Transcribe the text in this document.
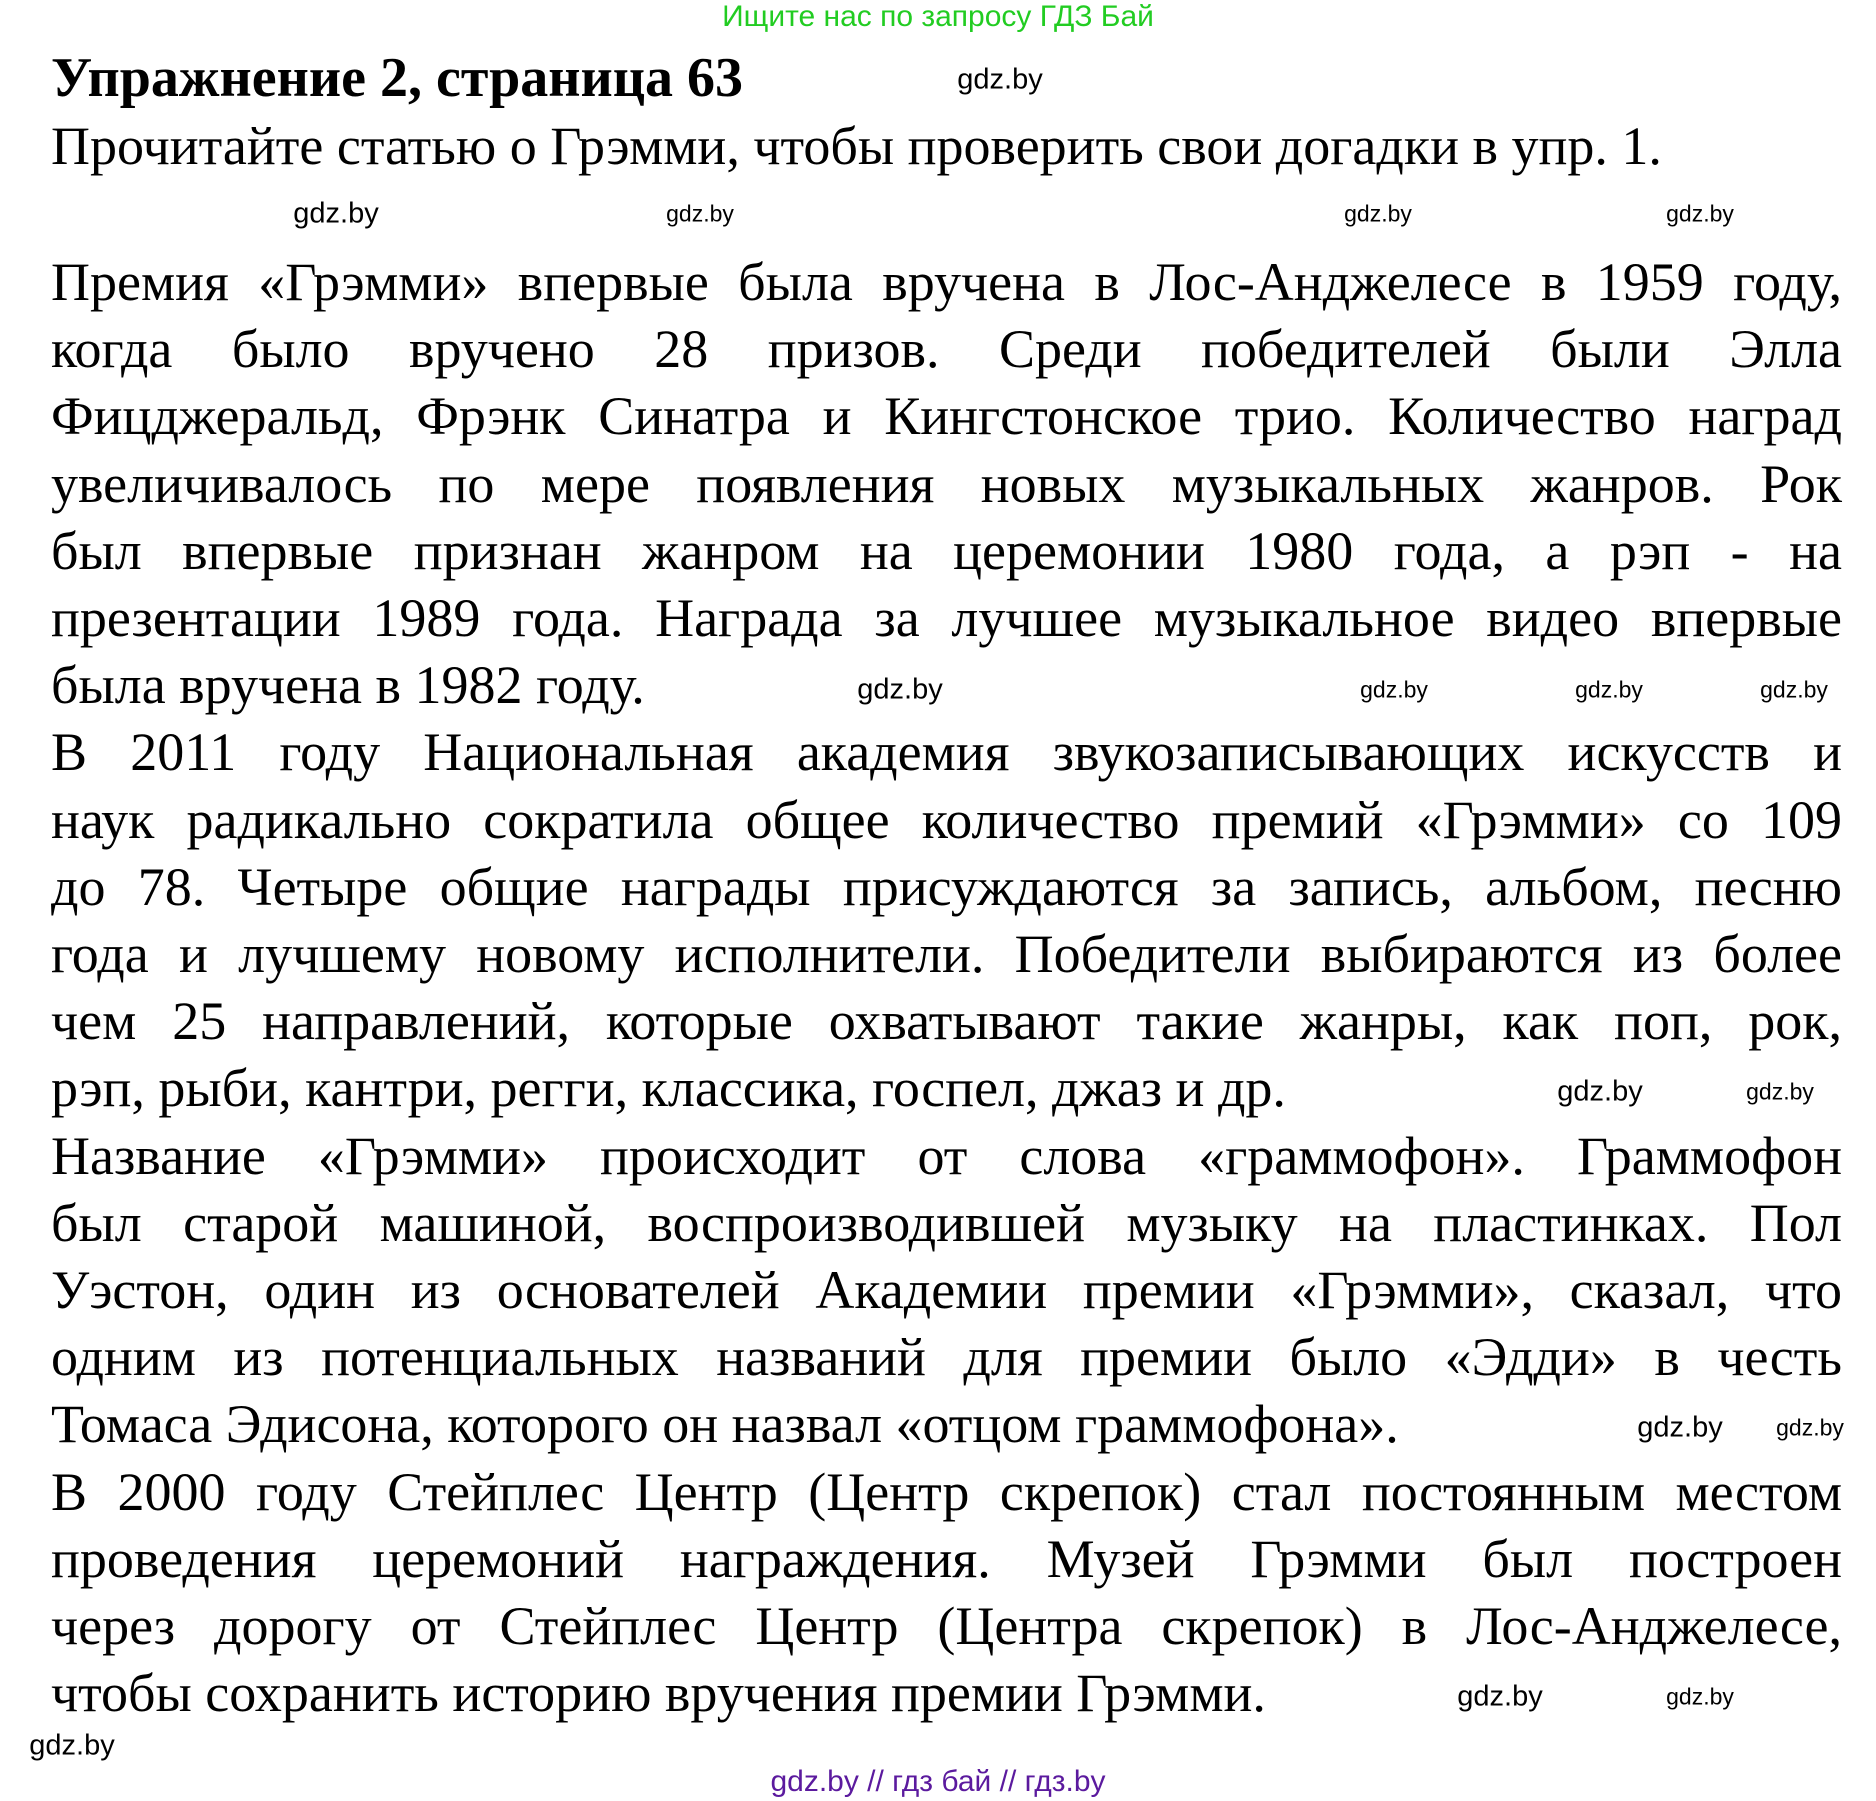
Ищите нас по запросу ГДЗ Бай
Упражнение 2, страница 63
Прочитайте статью о Грэмми, чтобы проверить свои догадки в упр. 1.
Премия «Грэмми» впервые была вручена в Лос-Анджелесе в 1959 году,
когда было вручено 28 призов. Среди победителей были Элла
Фицджеральд, Фрэнк Синатра и Кингстонское трио. Количество наград
увеличивалось по мере появления новых музыкальных жанров. Рок
был впервые признан жанром на церемонии 1980 года, а рэп - на
презентации 1989 года. Награда за лучшее музыкальное видео впервые
была вручена в 1982 году.
В 2011 году Национальная академия звукозаписывающих искусств и
наук радикально сократила общее количество премий «Грэмми» со 109
до 78. Четыре общие награды присуждаются за запись, альбом, песню
года и лучшему новому исполнители. Победители выбираются из более
чем 25 направлений, которые охватывают такие жанры, как поп, рок,
рэп, рыби, кантри, регги, классика, госпел, джаз и др.
Название «Грэмми» происходит от слова «граммофон». Граммофон
был старой машиной, воспроизводившей музыку на пластинках. Пол
Уэстон, один из основателей Академии премии «Грэмми», сказал, что
одним из потенциальных названий для премии было «Эдди» в честь
Томаса Эдисона, которого он назвал «отцом граммофона».
В 2000 году Стейплес Центр (Центр скрепок) стал постоянным местом
проведения церемоний награждения. Музей Грэмми был построен
через дорогу от Стейплес Центр (Центра скрепок) в Лос-Анджелесе,
чтобы сохранить историю вручения премии Грэмми.
gdz.by
gdz.by	gdz.by	gdz.by	gdz.by
gdz.by	gdz.by	gdz.by	gdz.by
gdz.by	gdz.by
gdz.by gdz.by
gdz.by	gdz.by
gdz.by
gdz.by // гдз бай // гдз.by
